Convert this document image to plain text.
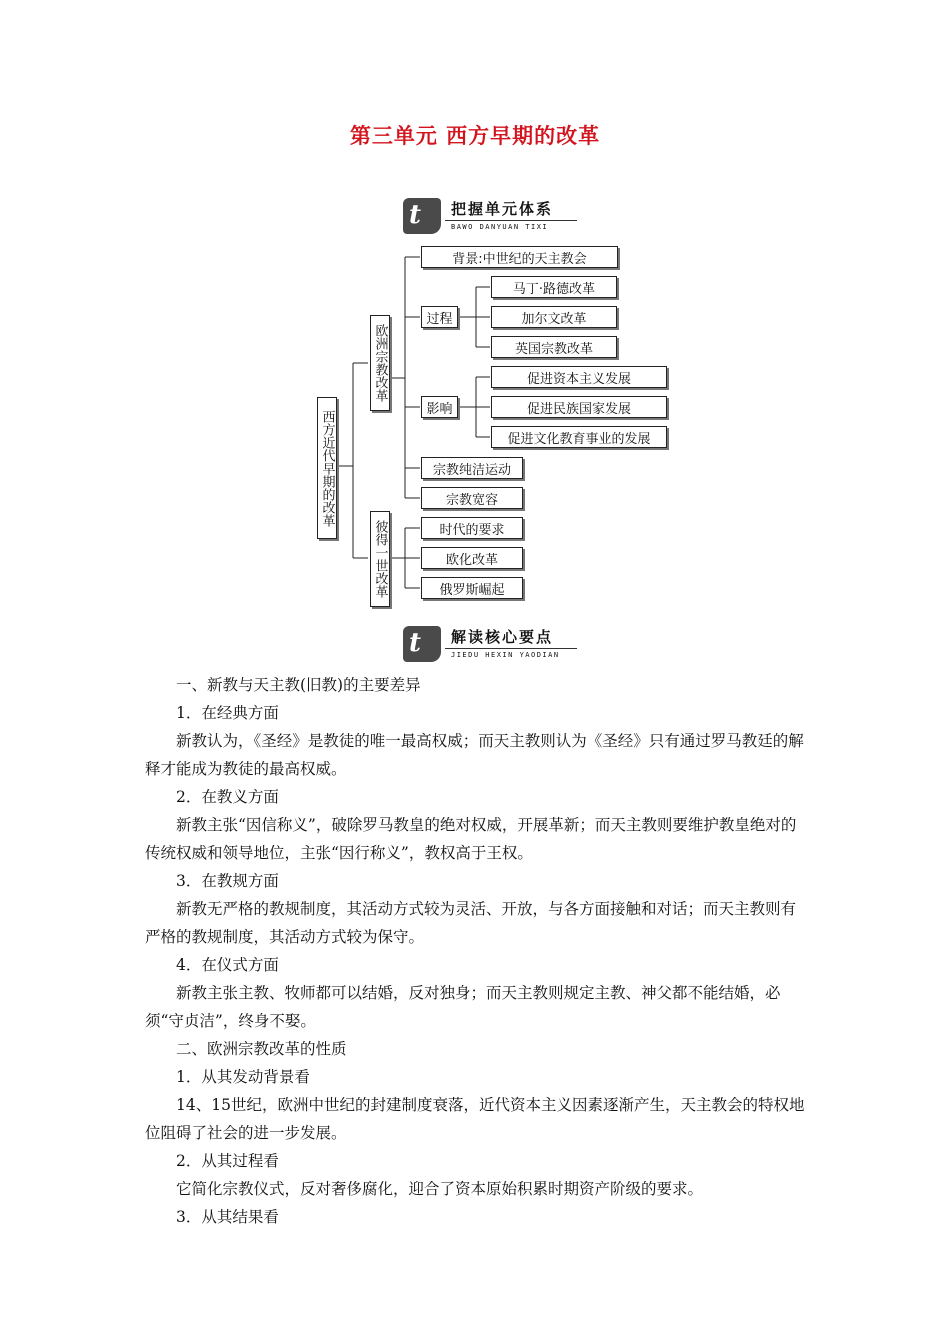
第三单元 西方早期的改革
t 把握单元体系
BAWO DANYUAN TIXI
西方近代早期的改革
欧洲宗教改革
彼得一世改革
背景:中世纪的天主教会
过程
马丁·路德改革
加尔文改革
英国宗教改革
影响
促进资本主义发展
促进民族国家发展
促进文化教育事业的发展
宗教纯洁运动
宗教宽容
时代的要求
欧化改革
俄罗斯崛起
t 解读核心要点
JIEDU HEXIN YAODIAN

一、新教与天主教(旧教)的主要差异

1．在经典方面

新教认为，《圣经》是教徒的唯一最高权威；而天主教则认为《圣经》只有通过罗马教廷的解释才能成为教徒的最高权威。

2．在教义方面

新教主张“因信称义”，破除罗马教皇的绝对权威，开展革新；而天主教则要维护教皇绝对的传统权威和领导地位，主张“因行称义”，教权高于王权。

3．在教规方面

新教无严格的教规制度，其活动方式较为灵活、开放，与各方面接触和对话；而天主教则有严格的教规制度，其活动方式较为保守。

4．在仪式方面

新教主张主教、牧师都可以结婚，反对独身；而天主教则规定主教、神父都不能结婚，必须“守贞洁”，终身不娶。

二、欧洲宗教改革的性质

1．从其发动背景看

14、15世纪，欧洲中世纪的封建制度衰落，近代资本主义因素逐渐产生，天主教会的特权地位阻碍了社会的进一步发展。

2．从其过程看

它简化宗教仪式，反对奢侈腐化，迎合了资本原始积累时期资产阶级的要求。

3．从其结果看
